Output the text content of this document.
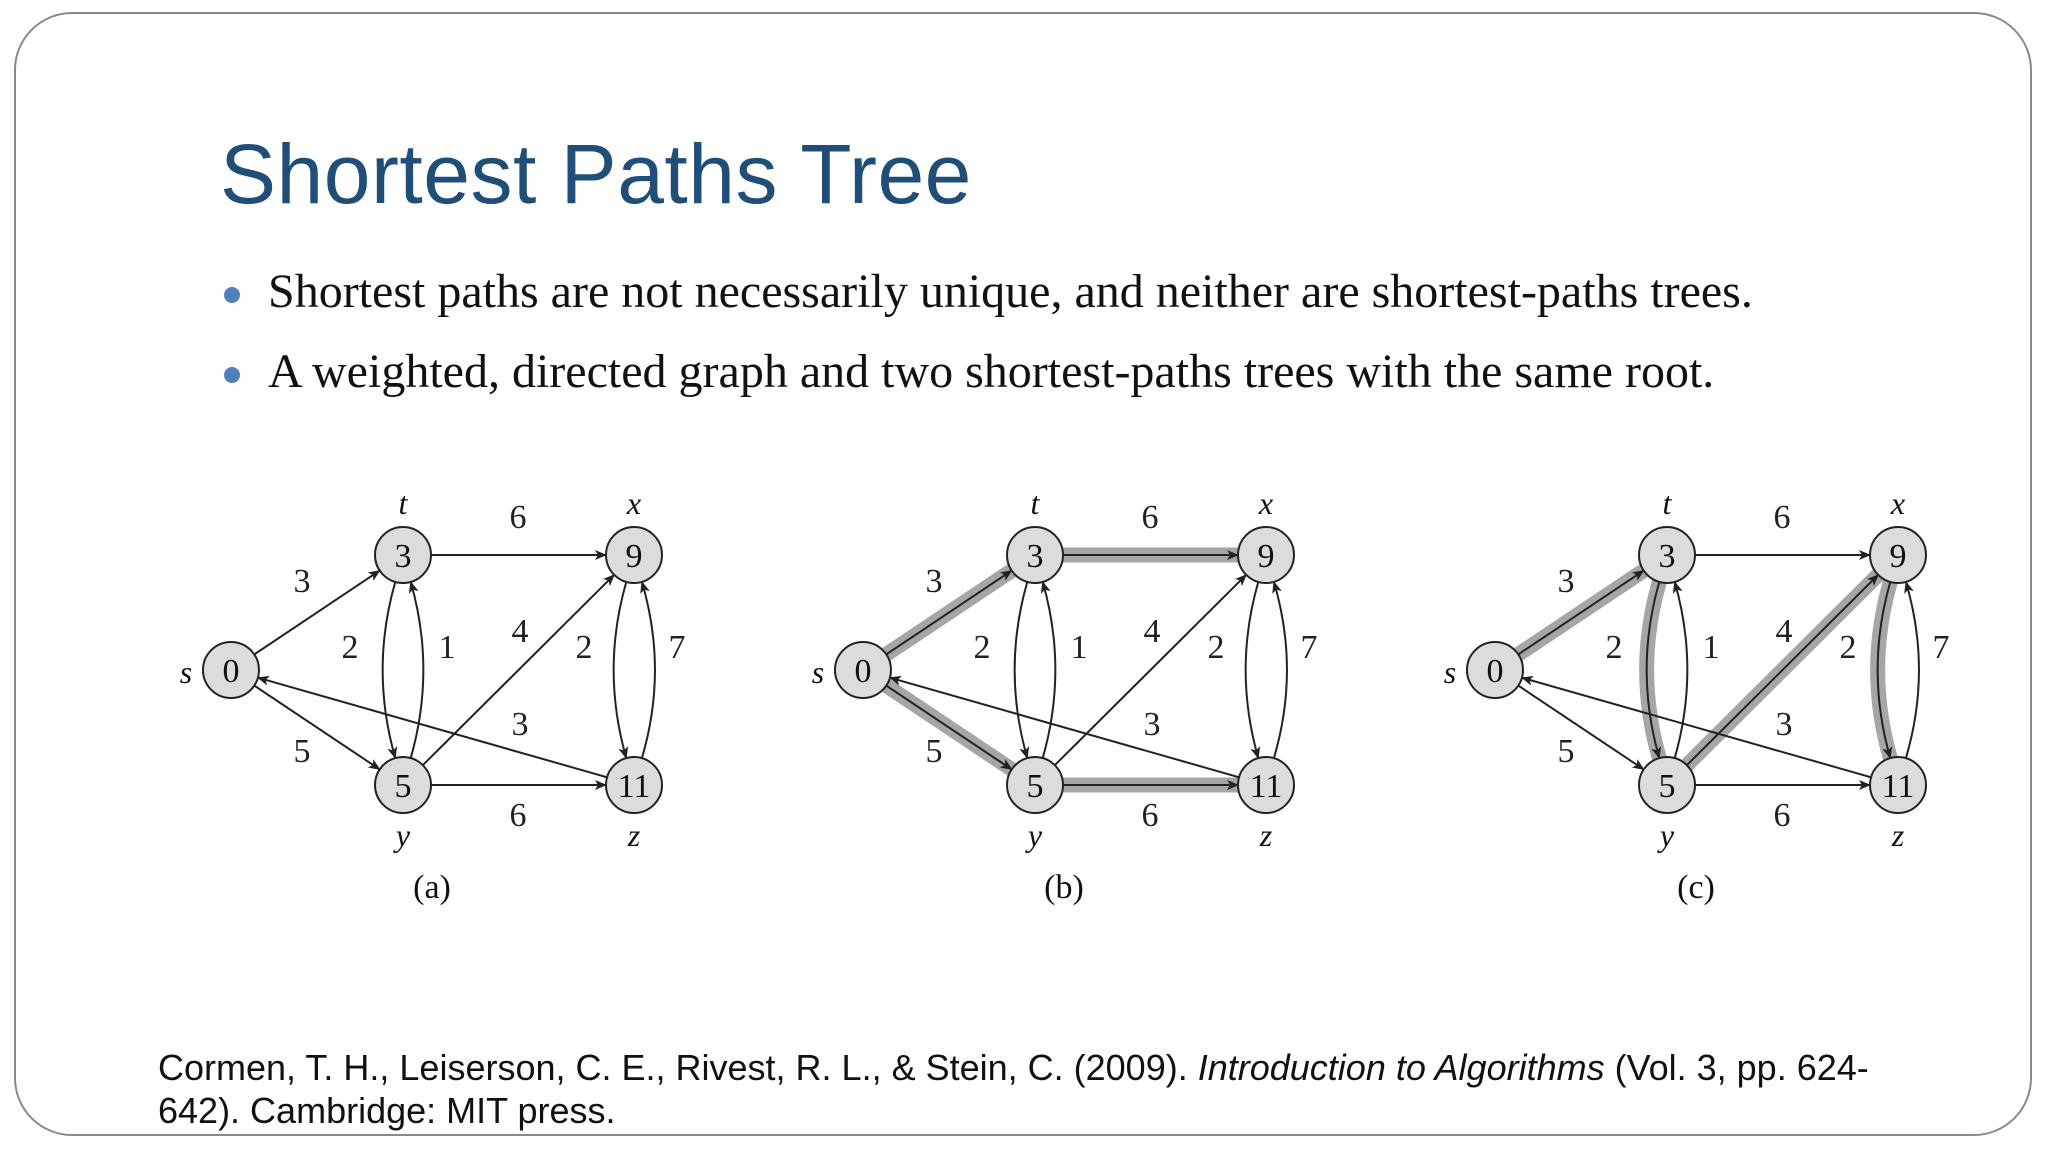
Shortest Paths Tree
Shortest paths are not necessarily unique, and neither are shortest-paths trees.
A weighted, directed graph and two shortest-paths trees with the same root.
3
5
6
2 1 4
6
2 7
3
0
s
3
t
9
x
5
y
11
z
(a)
3
5
6
2 1 4
6
2 7
3
0
s
3
t
9
x
5
y
11
z
(b)
3
5
6
2 1 4
6
2 7
3
0
s
3
t
9
x
5
y
11
z
(c)
Cormen, T. H., Leiserson, C. E., Rivest, R. L., & Stein, C. (2009). Introduction to Algorithms (Vol. 3, pp. 624-642). Cambridge: MIT press.
